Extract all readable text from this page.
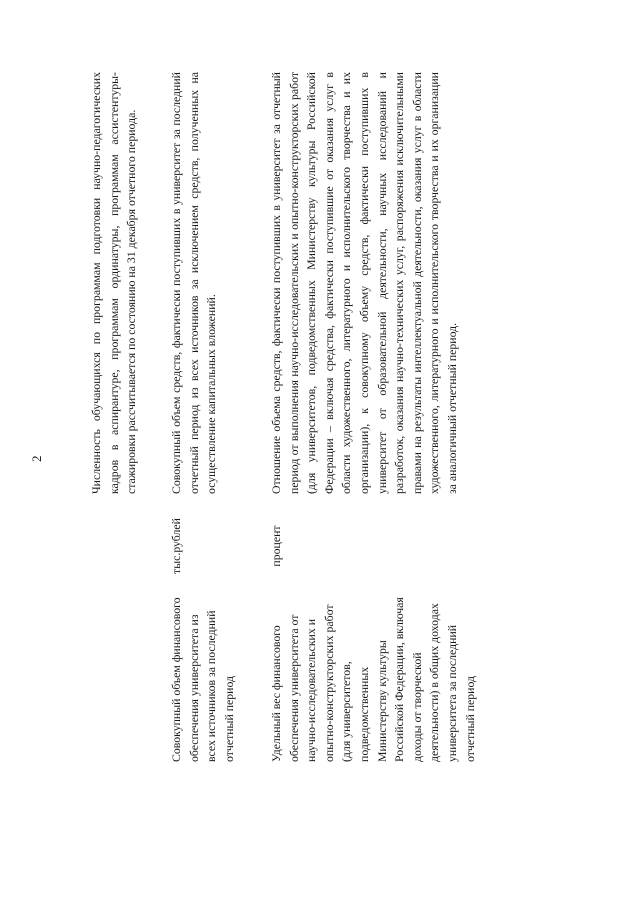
2	Численность обучающихся по программам подготовки научно-педагогических кадров в аспирантуре, программам ординатуры, программам ассистентуры-стажировки рассчитывается по состоянию на 31 декабря отчетного периода.
Совокупный объем финансового обеспечения университета из всех источников за последний отчетный период
тыс.рублей
Совокупный объем средств, фактически поступивших в университет за последний отчетный период из всех источников за исключением средств, полученных на осуществление капитальных вложений.
Удельный вес финансового обеспечения университета от научно-исследовательских и опытно-конструкторских работ (для университетов, подведомственных Министерству культуры Российской Федерации, включая доходы от творческой деятельности) в общих доходах университета за последний отчетный период
процент
Отношение объема средств, фактически поступивших в университет за отчетный период от выполнения научно-исследовательских и опытно-конструкторских работ (для университетов, подведомственных Министерству культуры Российской Федерации – включая средства, фактически поступившие от оказания услуг в области художественного, литературного и исполнительского творчества и их организации), к совокупному объему средств, фактически поступивших в университет от образовательной деятельности, научных исследований и разработок, оказания научно-технических услуг, распоряжения исключительными правами на результаты интеллектуальной деятельности, оказания услуг в области художественного, литературного и исполнительского творчества и их организации за аналогичный отчетный период.
